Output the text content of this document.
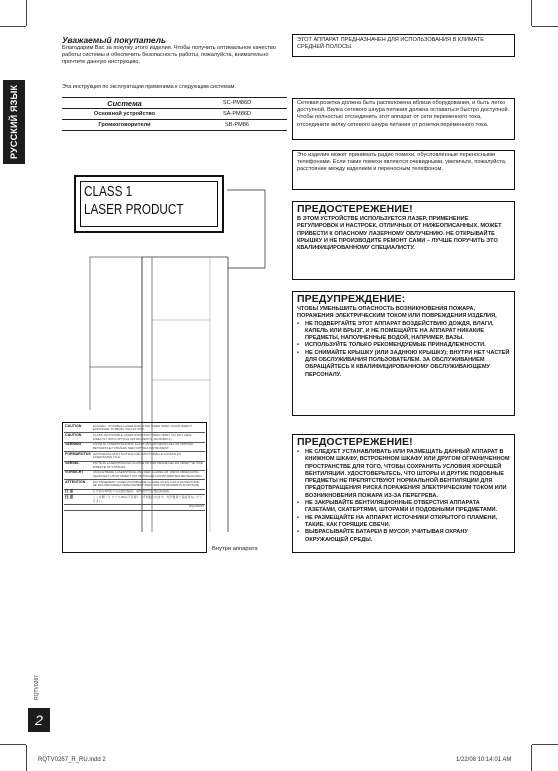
РУССКИЙ ЯЗЫК
RQTV0267
2
RQTV0267_R_RU.indd 2	1/22/08 10:14:01 AM
Уважаемый покупатель
Благодарим Вас за покупку этого изделия. Чтобы получить оптимальное качество работы системы и обеспечить безопасность работы, пожалуйста, внимательно прочтите данную инструкцию.
Эта инструкция по эксплуатации применима к следующим системам.
Система	SC-PM86D
Основной устройство	SA-PM86D
Громкоговорители	SB-PM86
CLASS 1
LASER PRODUCT
CAUTION	DANGER - INVISIBLE LASER RADIATION WHEN OPEN. AVOID DIRECT EXPOSURE TO BEAM. (FDA 21 CFR)
CAUTION	CLASS 1M INVISIBLE LASER RADIATION WHEN OPEN. DO NOT VIEW DIRECTLY WITH OPTICAL INSTRUMENTS. (IEC60825-1)
VARNING	OSYNLIG LASERSTRÅLNING KLASS 1M NÄR DENNA DEL ÄR ÖPPNAD. BETRAKTA EJ STRÅLEN MED OPTISKA INSTRUMENT.
FORMAROTUS	AVATTAESSA OLET ALTTIINA NÄKYMÄTTÖMÄLLE LUOKAN 1M LASERSÄTEILYLLE.
VARSEL	USYNLIG LASERSTRÅLING KLASSE 1M NÅR DENNE DEL ER ÅBNET. SE IKKE DIREKTE PÅ STRÅLEN.
VORSICHT	UNSICHTBARE LASERSTRAHLUNG DER KLASSE 1M, WENN ABDECKUNG GEÖFFNET. NICHT DIREKT MIT OPTISCHEN INSTRUMENTEN BETRACHTEN.
ATTENTION	RAYONNEMENT LASER INVISIBLE DE CLASSE 1M EN CAS D'OUVERTURE. NE PAS REGARDER DIRECTEMENT AVEC DES INSTRUMENTS D'OPTIQUE.
注 意	打开时有1M类不可见激光辐射。请勿用光学仪器直接观看。
注 意	ここを開くと クラス1Mの不可視レーザ放射が出ます。光学器具で直接見ないでください。
	RQLS0233
Внутри аппарата
ЭТОТ АППАРАТ ПРЕДНАЗНАЧЕН ДЛЯ ИСПОЛЬЗОВАНИЯ В КЛИМАТЕ СРЕДНЕЙ ПОЛОСЫ.
Сетевая розетка должна быть расположена вблизи оборудования, и быть легко доступной. Вилка сетевого шнура питания должна оставаться быстро доступной. Чтобы полностью отсоединить этот аппарат от сети переменного тока, отсоедините вилку сетевого шнура питания от розетки переменного тока.
Это изделие может принимать радио помехи, обусловленные переносными телефонами. Если такие помехи являются очевидными, увеличьте, пожалуйста, расстояние между изделием и переносным телефоном.
ПРЕДОСТЕРЕЖЕНИЕ!
В ЭТОМ УСТРОЙСТВЕ ИСПОЛЬЗУЕТСЯ ЛАЗЕР. ПРИМЕНЕНИЕ РЕГУЛИРОВОК И НАСТРОЕК, ОТЛИЧНЫХ ОТ НИЖЕОПИСАННЫХ, МОЖЕТ ПРИВЕСТИ К ОПАСНОМУ ЛАЗЕРНОМУ ОБЛУЧЕНИЮ. НЕ ОТКРЫВАЙТЕ КРЫШКУ И НЕ ПРОИЗВОДИТЕ РЕМОНТ САМИ – ЛУЧШЕ ПОРУЧИТЬ ЭТО КВАЛИФИЦИРОВАННОМУ СПЕЦИАЛИСТУ.
ПРЕДУПРЕЖДЕНИЕ:
ЧТОБЫ УМЕНЬШИТЬ ОПАСНОСТЬ ВОЗНИКНОВЕНИЯ ПОЖАРА, ПОРАЖЕНИЯ ЭЛЕКТРИЧЕСКИМ ТОКОМ ИЛИ ПОВРЕЖДЕНИЯ ИЗДЕЛИЯ,
• НЕ ПОДВЕРГАЙТЕ ЭТОТ АППАРАТ ВОЗДЕЙСТВИЮ ДОЖДЯ, ВЛАГИ, КАПЕЛЬ ИЛИ БРЫЗГ, И НЕ ПОМЕЩАЙТЕ НА АППАРАТ НИКАКИЕ ПРЕДМЕТЫ, НАПОЛНЕННЫЕ ВОДОЙ, НАПРИМЕР, ВАЗЫ.
• ИСПОЛЬЗУЙТЕ ТОЛЬКО РЕКОМЕНДУЕМЫЕ ПРИНАДЛЕЖНОСТИ.
• НЕ СНИМАЙТЕ КРЫШКУ (ИЛИ ЗАДНЮЮ КРЫШКУ); ВНУТРИ НЕТ ЧАСТЕЙ ДЛЯ ОБСЛУЖИВАНИЯ ПОЛЬЗОВАТЕЛЕМ. ЗА ОБСЛУЖИВАНИЕМ ОБРАЩАЙТЕСЬ К КВАЛИФИЦИРОВАННОМУ ОБСЛУЖИВАЮЩЕМУ ПЕРСОНАЛУ.
ПРЕДОСТЕРЕЖЕНИЕ!
• НЕ СЛЕДУЕТ УСТАНАВЛИВАТЬ ИЛИ РАЗМЕЩАТЬ ДАННЫЙ АППАРАТ В КНИЖНОМ ШКАФУ, ВСТРОЕННОМ ШКАФУ ИЛИ ДРУГОМ ОГРАНИЧЕННОМ ПРОСТРАНСТВЕ ДЛЯ ТОГО, ЧТОБЫ СОХРАНИТЬ УСЛОВИЯ ХОРОШЕЙ ВЕНТИЛЯЦИИ. УДОСТОВЕРЬТЕСЬ, ЧТО ШТОРЫ И ДРУГИЕ ПОДОБНЫЕ ПРЕДМЕТЫ НЕ ПРЕПЯТСТВУЮТ НОРМАЛЬНОЙ ВЕНТИЛЯЦИИ ДЛЯ ПРЕДОТВРАЩЕНИЯ РИСКА ПОРАЖЕНИЯ ЭЛЕКТРИЧЕСКИМ ТОКОМ ИЛИ ВОЗНИКНОВЕНИЯ ПОЖАРА ИЗ-ЗА ПЕРЕГРЕВА.
• НЕ ЗАКРЫВАЙТЕ ВЕНТИЛЯЦИОННЫЕ ОТВЕРСТИЯ АППАРАТА ГАЗЕТАМИ, СКАТЕРТЯМИ, ШТОРАМИ И ПОДОБНЫМИ ПРЕДМЕТАМИ.
• НЕ РАЗМЕЩАЙТЕ НА АППАРАТ ИСТОЧНИКИ ОТКРЫТОГО ПЛАМЕНИ, ТАКИЕ, КАК ГОРЯЩИЕ СВЕЧИ.
• ВЫБРАСЫВАЙТЕ БАТАРЕИ В МУСОР, УЧИТЫВАЯ ОХРАНУ ОКРУЖАЮЩЕЙ СРЕДЫ.
